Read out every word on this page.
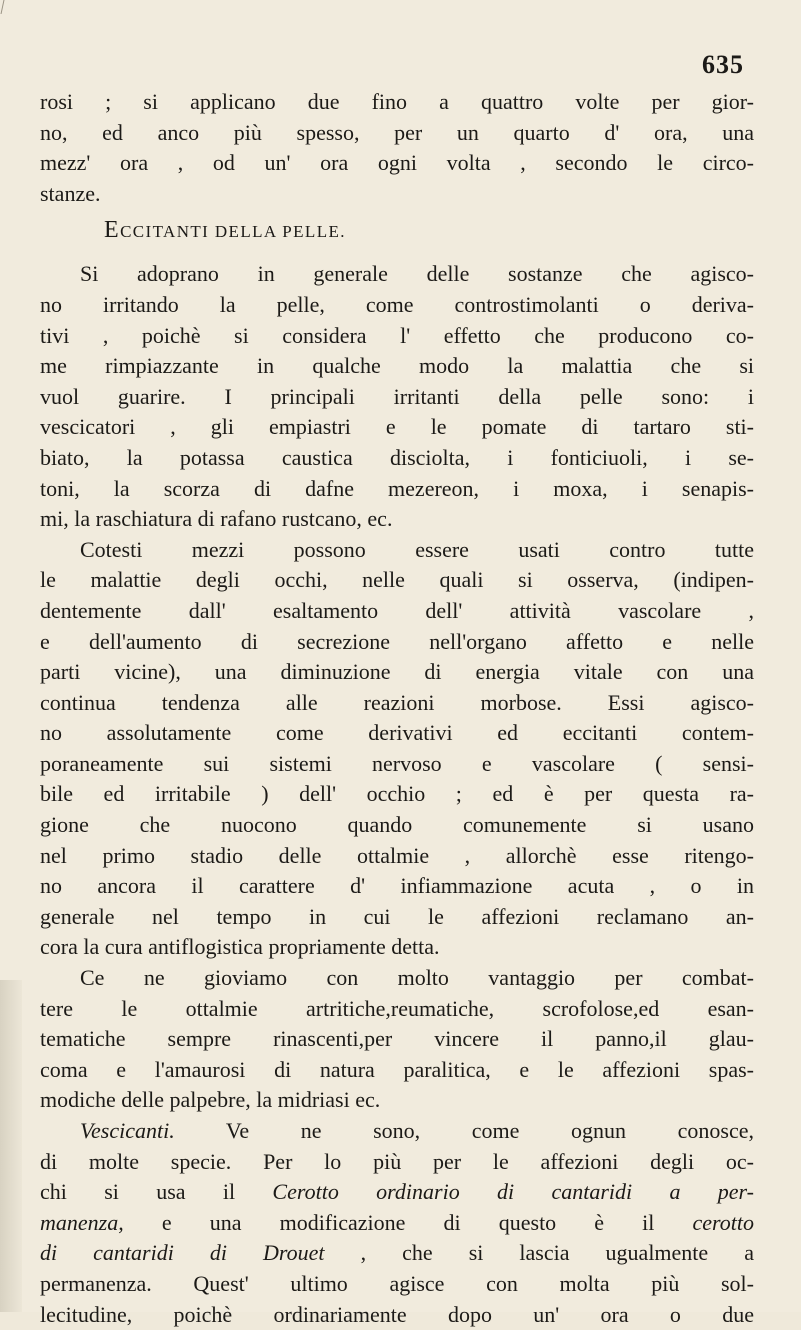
635
rosi ; si applicano due fino a quattro volte per gior-
no, ed anco più spesso, per un quarto d' ora, una
mezz' ora , od un' ora ogni volta , secondo le circo-
stanze.
ECCITANTI DELLA PELLE.
Si adoprano in generale delle sostanze che agisco-
no irritando la pelle, come controstimolanti o deriva-
tivi , poichè si considera l' effetto che producono co-
me rimpiazzante in qualche modo la malattia che si
vuol guarire. I principali irritanti della pelle sono: i
vescicatori , gli empiastri e le pomate di tartaro sti-
biato, la potassa caustica disciolta, i fonticiuoli, i se-
toni, la scorza di dafne mezereon, i moxa, i senapis-
mi, la raschiatura di rafano rustcano, ec.
Cotesti mezzi possono essere usati contro tutte
le malattie degli occhi, nelle quali si osserva, (indipen-
dentemente dall' esaltamento dell' attività vascolare ,
e dell'aumento di secrezione nell'organo affetto e nelle
parti vicine), una diminuzione di energia vitale con una
continua tendenza alle reazioni morbose. Essi agisco-
no assolutamente come derivativi ed eccitanti contem-
poraneamente sui sistemi nervoso e vascolare ( sensi-
bile ed irritabile ) dell' occhio ; ed è per questa ra-
gione che nuocono quando comunemente si usano
nel primo stadio delle ottalmie , allorchè esse ritengo-
no ancora il carattere d' infiammazione acuta , o in
generale nel tempo in cui le affezioni reclamano an-
cora la cura antiflogistica propriamente detta.
Ce ne gioviamo con molto vantaggio per combat-
tere le ottalmie artritiche,reumatiche, scrofolose,ed esan-
tematiche sempre rinascenti,per vincere il panno,il glau-
coma e l'amaurosi di natura paralitica, e le affezioni spas-
modiche delle palpebre, la midriasi ec.
Vescicanti. Ve ne sono, come ognun conosce,
di molte specie. Per lo più per le affezioni degli oc-
chi si usa il Cerotto ordinario di cantaridi a per-
manenza, e una modificazione di questo è il cerotto
di cantaridi di Drouet , che si lascia ugualmente a
permanenza. Quest' ultimo agisce con molta più sol-
lecitudine, poichè ordinariamente dopo un' ora o due
